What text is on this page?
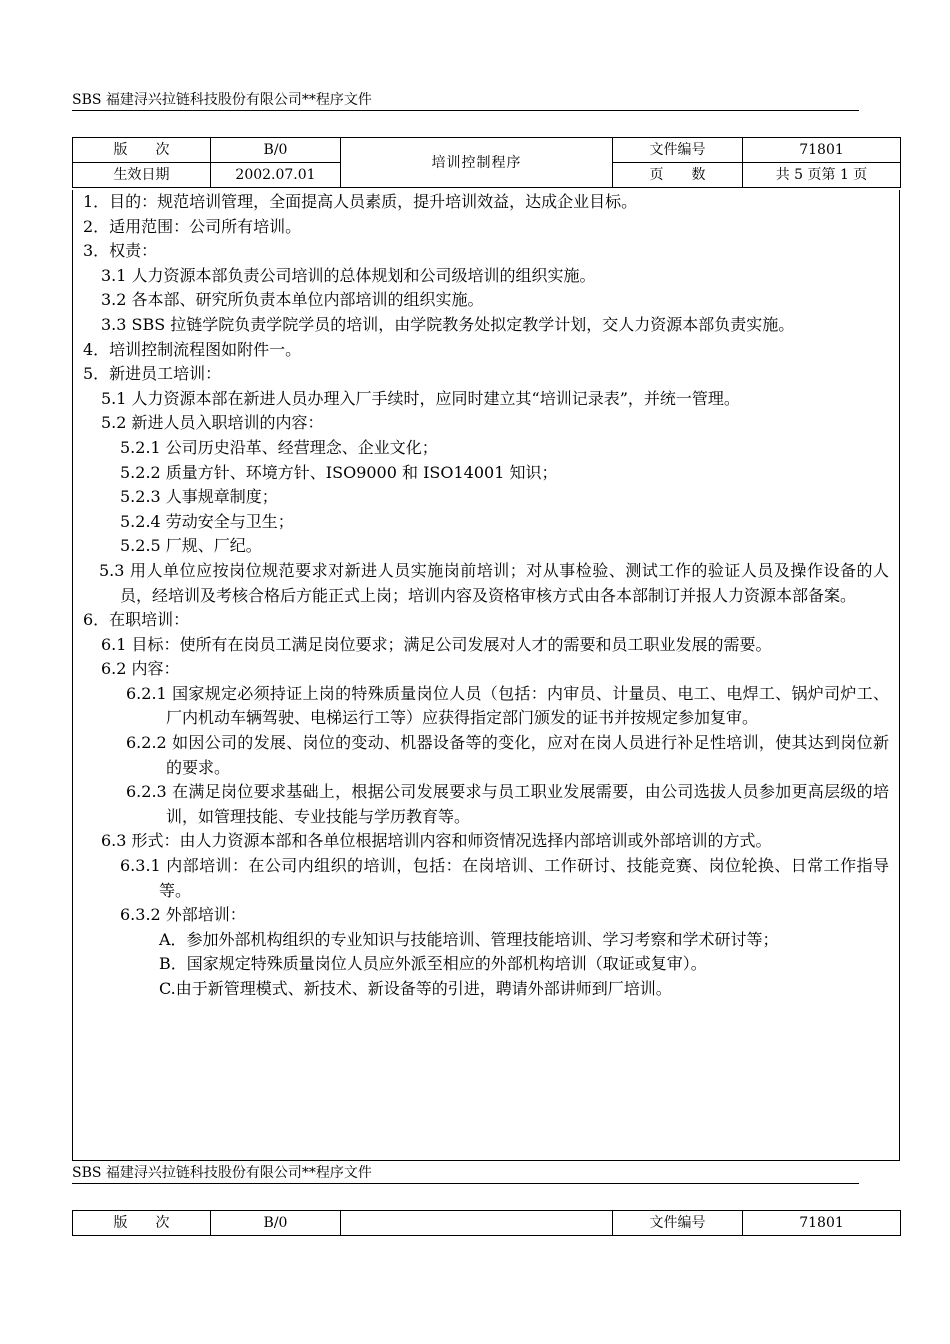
SBS 福建浔兴拉链科技股份有限公司**程序文件
版　　次	B/0	培训控制程序	文件编号	71801
生效日期	2002.07.01		页　　数	共 5 页第 1 页

1．目的：规范培训管理，全面提高人员素质，提升培训效益，达成企业目标。

2．适用范围：公司所有培训。

3．权责：

3.1 人力资源本部负责公司培训的总体规划和公司级培训的组织实施。

3.2 各本部、研究所负责本单位内部培训的组织实施。

3.3 SBS 拉链学院负责学院学员的培训，由学院教务处拟定教学计划，交人力资源本部负责实施。

4．培训控制流程图如附件一。

5．新进员工培训：

5.1 人力资源本部在新进人员办理入厂手续时，应同时建立其“培训记录表”，并统一管理。

5.2 新进人员入职培训的内容：

5.2.1 公司历史沿革、经营理念、企业文化；

5.2.2 质量方针、环境方针、ISO9000 和 ISO14001 知识；

5.2.3 人事规章制度；

5.2.4 劳动安全与卫生；

5.2.5 厂规、厂纪。

5.3 用人单位应按岗位规范要求对新进人员实施岗前培训；对从事检验、测试工作的验证人员及操作设备的人员，经培训及考核合格后方能正式上岗；培训内容及资格审核方式由各本部制订并报人力资源本部备案。

6．在职培训：

6.1 目标：使所有在岗员工满足岗位要求；满足公司发展对人才的需要和员工职业发展的需要。

6.2 内容：

6.2.1 国家规定必须持证上岗的特殊质量岗位人员（包括：内审员、计量员、电工、电焊工、锅炉司炉工、厂内机动车辆驾驶、电梯运行工等）应获得指定部门颁发的证书并按规定参加复审。

6.2.2 如因公司的发展、岗位的变动、机器设备等的变化，应对在岗人员进行补足性培训，使其达到岗位新的要求。

6.2.3 在满足岗位要求基础上，根据公司发展要求与员工职业发展需要，由公司选拔人员参加更高层级的培训，如管理技能、专业技能与学历教育等。

6.3 形式：由人力资源本部和各单位根据培训内容和师资情况选择内部培训或外部培训的方式。

6.3.1 内部培训：在公司内组织的培训，包括：在岗培训、工作研讨、技能竞赛、岗位轮换、日常工作指导等。

6.3.2 外部培训：

A．参加外部机构组织的专业知识与技能培训、管理技能培训、学习考察和学术研讨等；

B．国家规定特殊质量岗位人员应外派至相应的外部机构培训（取证或复审）。

C.由于新管理模式、新技术、新设备等的引进，聘请外部讲师到厂培训。

SBS 福建浔兴拉链科技股份有限公司**程序文件
版　　次	B/0		文件编号	71801
